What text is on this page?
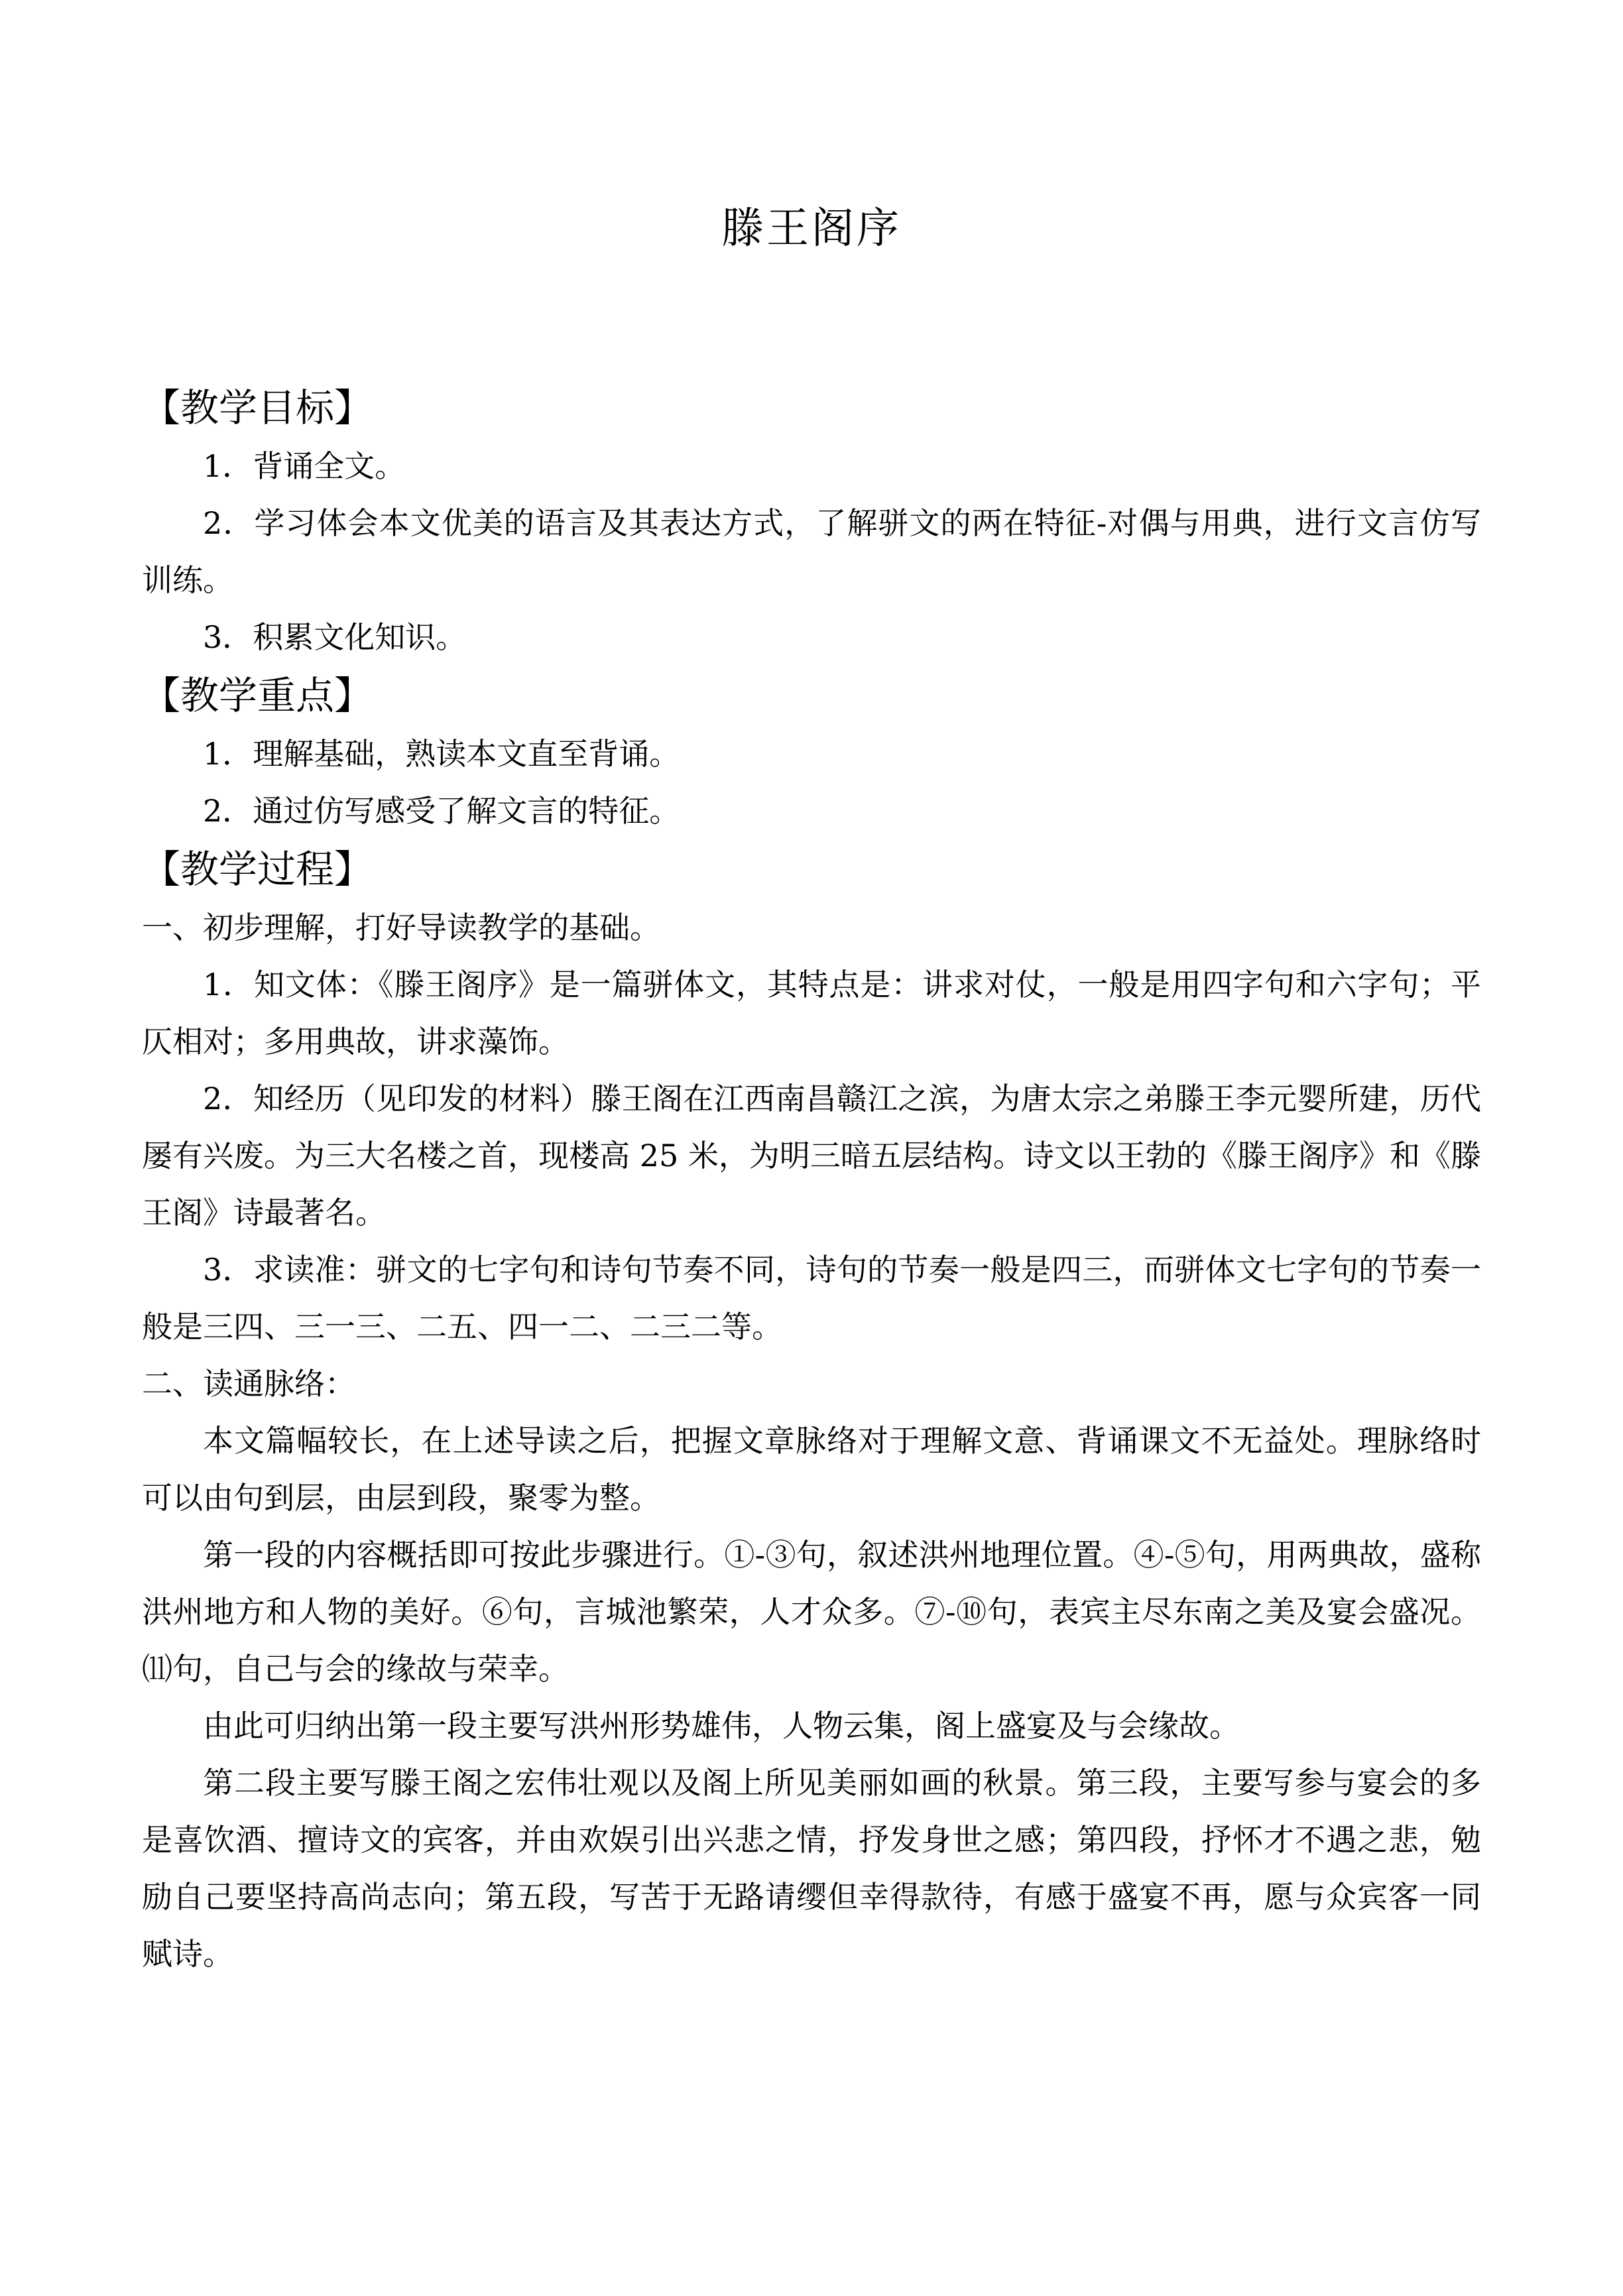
滕王阁序
【教学目标】

1．背诵全文。

2．学习体会本文优美的语言及其表达方式，了解骈文的两在特征-对偶与用典，进行文言仿写训练。

3．积累文化知识。

【教学重点】

1．理解基础，熟读本文直至背诵。

2．通过仿写感受了解文言的特征。

【教学过程】

一、初步理解，打好导读教学的基础。

1．知文体：《滕王阁序》是一篇骈体文，其特点是：讲求对仗，一般是用四字句和六字句；平仄相对；多用典故，讲求藻饰。

2．知经历（见印发的材料）滕王阁在江西南昌赣江之滨，为唐太宗之弟滕王李元婴所建，历代屡有兴废。为三大名楼之首，现楼高 25 米，为明三暗五层结构。诗文以王勃的《滕王阁序》和《滕王阁》诗最著名。

3．求读准：骈文的七字句和诗句节奏不同，诗句的节奏一般是四三，而骈体文七字句的节奏一般是三四、三一三、二五、四一二、二三二等。

二、读通脉络：

本文篇幅较长，在上述导读之后，把握文章脉络对于理解文意、背诵课文不无益处。理脉络时可以由句到层，由层到段，聚零为整。

第一段的内容概括即可按此步骤进行。①-③句，叙述洪州地理位置。④-⑤句，用两典故，盛称洪州地方和人物的美好。⑥句，言城池繁荣，人才众多。⑦-⑩句，表宾主尽东南之美及宴会盛况。⑾句，自己与会的缘故与荣幸。

由此可归纳出第一段主要写洪州形势雄伟，人物云集，阁上盛宴及与会缘故。

第二段主要写滕王阁之宏伟壮观以及阁上所见美丽如画的秋景。第三段，主要写参与宴会的多是喜饮酒、擅诗文的宾客，并由欢娱引出兴悲之情，抒发身世之感；第四段，抒怀才不遇之悲，勉励自己要坚持高尚志向；第五段，写苦于无路请缨但幸得款待，有感于盛宴不再，愿与众宾客一同赋诗。
